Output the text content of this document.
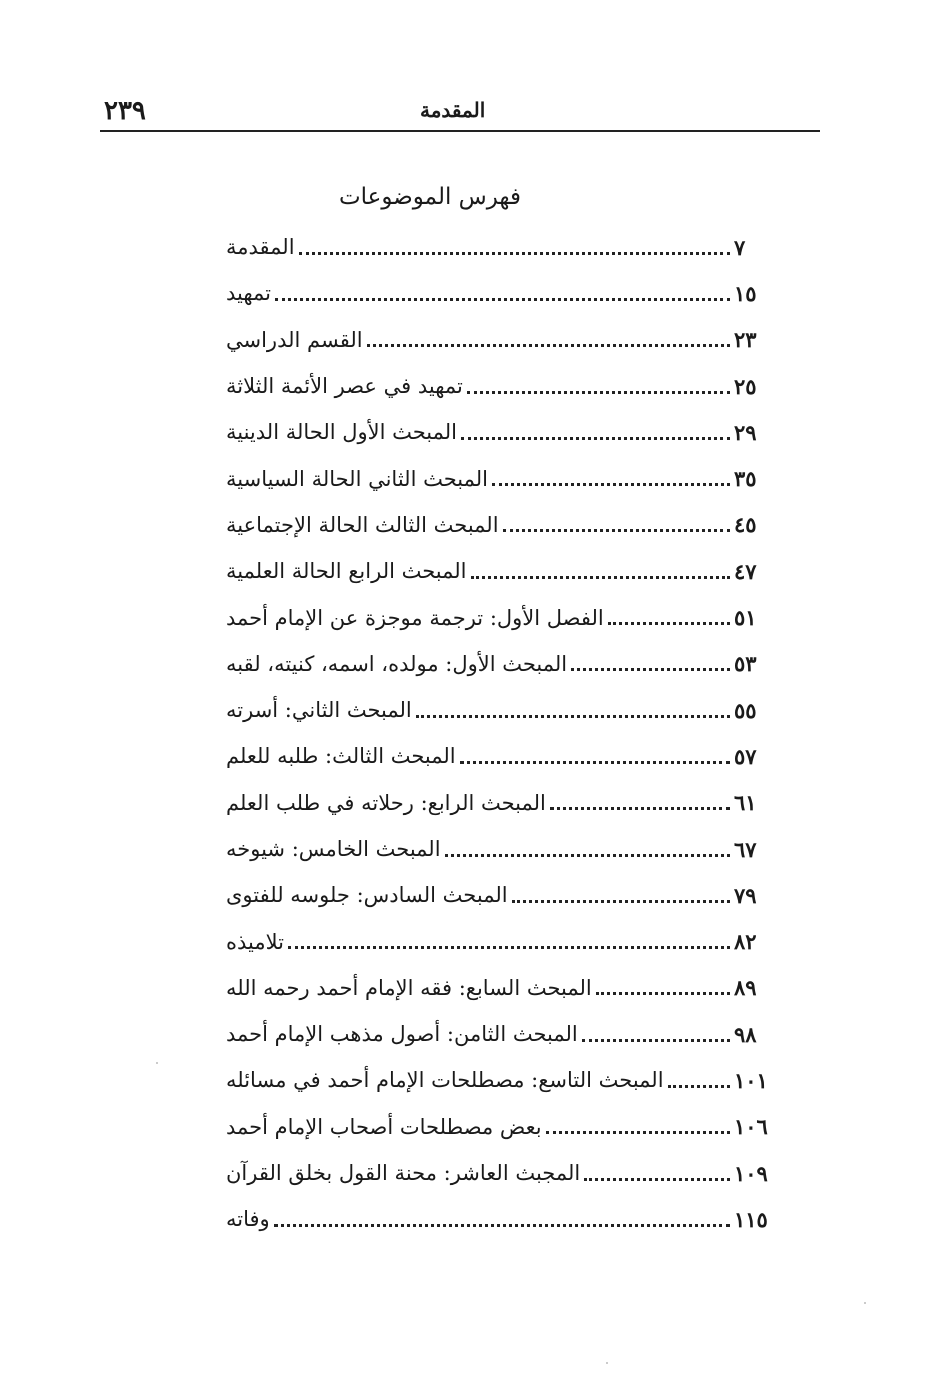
٢٣٩	المقدمة
فهرس الموضوعات
المقدمة	٧
تمهيد	١٥
القسم الدراسي	٢٣
تمهيد في عصر الأئمة الثلاثة	٢٥
المبحث الأول الحالة الدينية	٢٩
المبحث الثاني الحالة السياسية	٣٥
المبحث الثالث الحالة الإجتماعية	٤٥
المبحث الرابع الحالة العلمية	٤٧
الفصل الأول: ترجمة موجزة عن الإمام أحمد	٥١
المبحث الأول: مولده، اسمه، كنيته، لقبه	٥٣
المبحث الثاني: أسرته	٥٥
المبحث الثالث: طلبه للعلم	٥٧
المبحث الرابع: رحلاته في طلب العلم	٦١
المبحث الخامس: شيوخه	٦٧
المبحث السادس: جلوسه للفتوى	٧٩
تلاميذه	٨٢
المبحث السابع: فقه الإمام أحمد رحمه الله	٨٩
المبحث الثامن: أصول مذهب الإمام أحمد	٩٨
المبحث التاسع: مصطلحات الإمام أحمد في مسائله	١٠١
بعض مصطلحات أصحاب الإمام أحمد	١٠٦
المجبث العاشر: محنة القول بخلق القرآن	١٠٩
وفاته	١١٥
